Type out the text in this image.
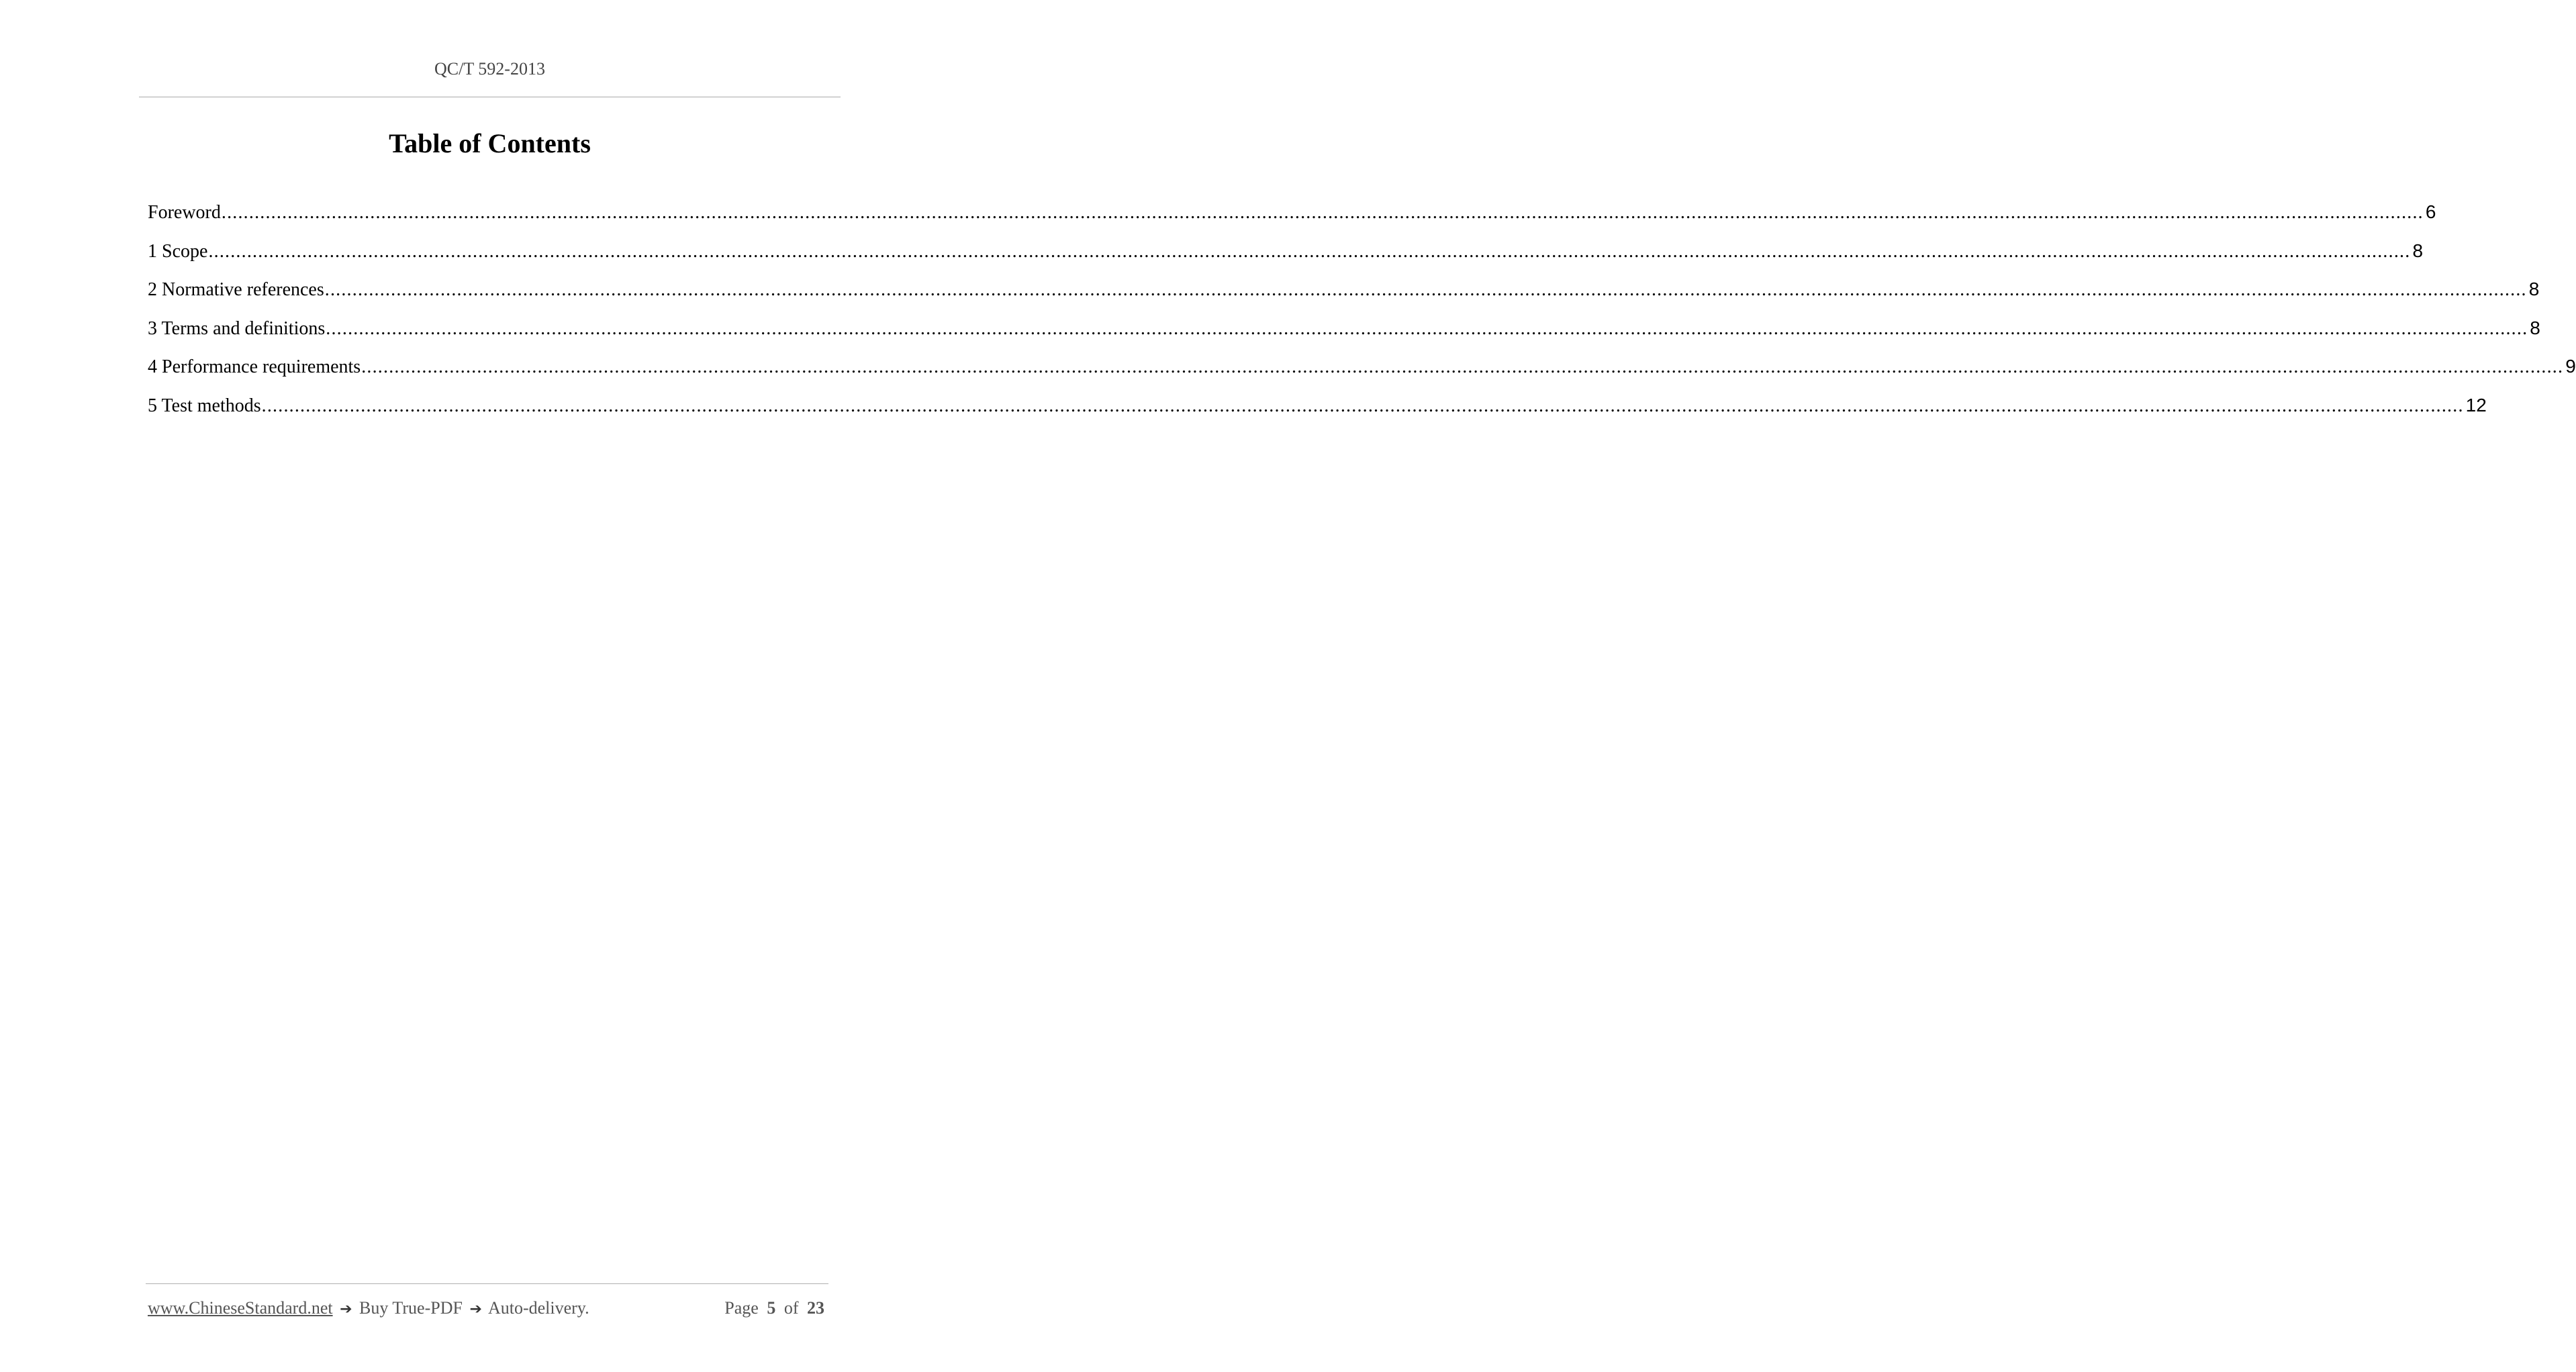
QC/T 592-2013
Table of Contents
Foreword ................................................................................................................................................................................................................................................................................................................................................................................................................ 6
1 Scope ................................................................................................................................................................................................................................................................................................................................................................................................................ 8
2 Normative references ................................................................................................................................................................................................................................................................................................................................................................................................................ 8
3 Terms and definitions ................................................................................................................................................................................................................................................................................................................................................................................................................ 8
4 Performance requirements ................................................................................................................................................................................................................................................................................................................................................................................................................ 9
5 Test methods ................................................................................................................................................................................................................................................................................................................................................................................................................ 12
www.ChineseStandard.net ➔ Buy True-PDF ➔ Auto-delivery.	Page 5 of 23
